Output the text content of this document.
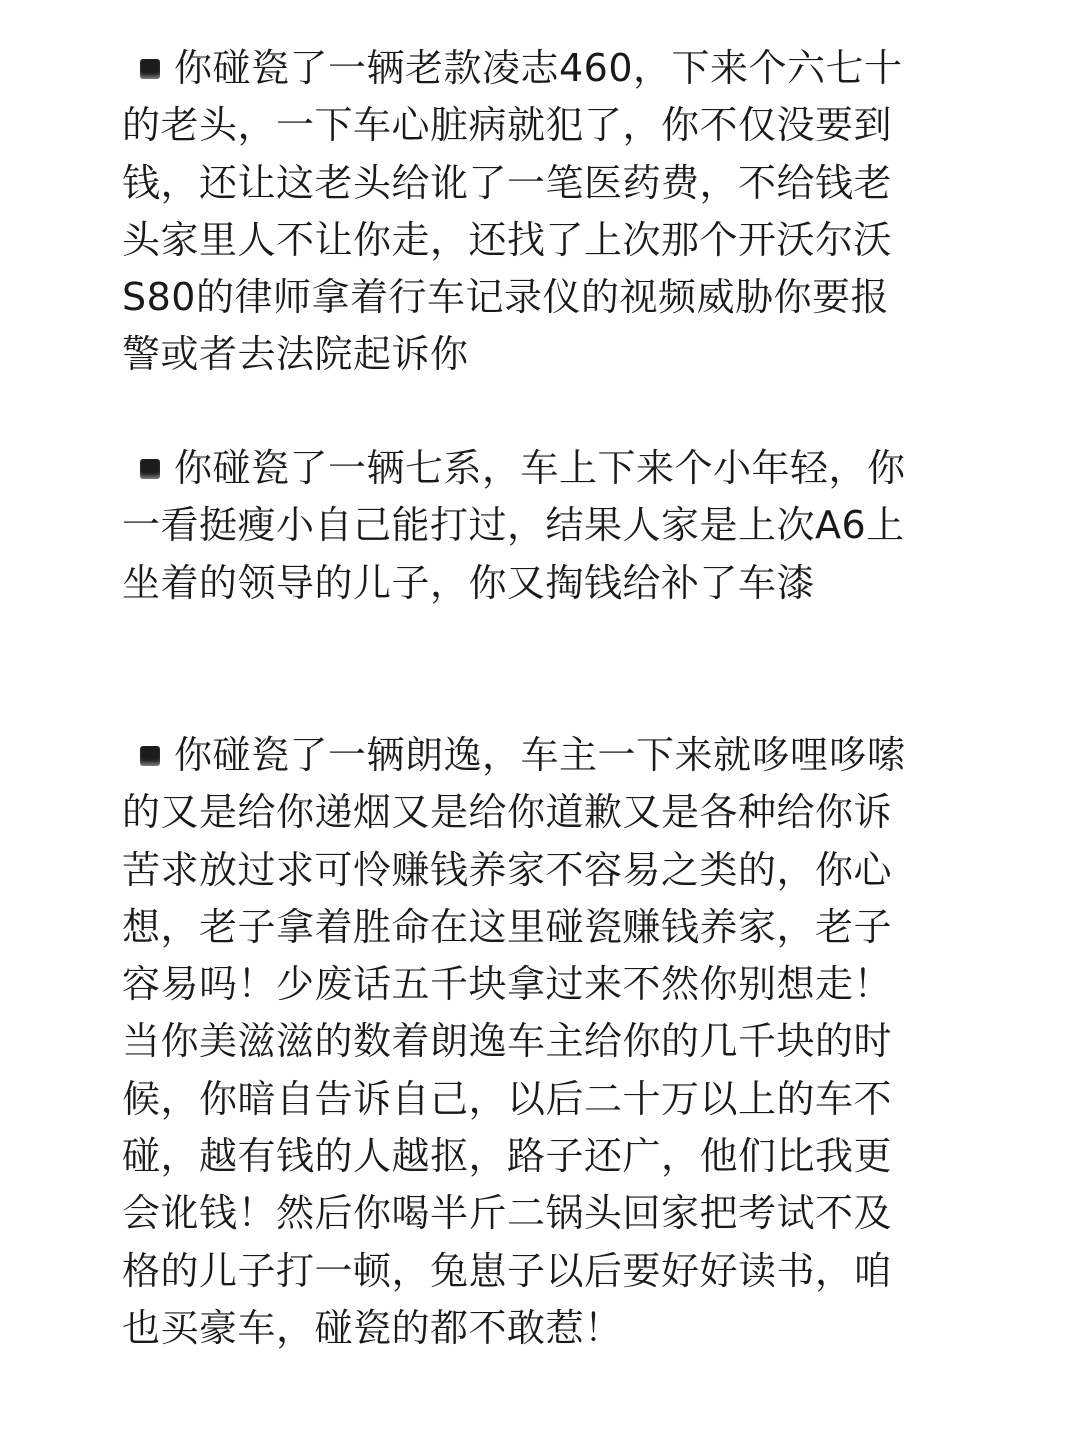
你碰瓷了一辆老款凌志460，下来个六七十的老头，一下车心脏病就犯了，你不仅没要到钱，还让这老头给讹了一笔医药费，不给钱老头家里人不让你走，还找了上次那个开沃尔沃S80的律师拿着行车记录仪的视频威胁你要报警或者去法院起诉你
你碰瓷了一辆七系，车上下来个小年轻，你一看挺瘦小自己能打过，结果人家是上次A6上坐着的领导的儿子，你又掏钱给补了车漆
你碰瓷了一辆朗逸，车主一下来就哆哩哆嗦的又是给你递烟又是给你道歉又是各种给你诉苦求放过求可怜赚钱养家不容易之类的，你心想，老子拿着胜命在这里碰瓷赚钱养家，老子容易吗！少废话五千块拿过来不然你别想走！当你美滋滋的数着朗逸车主给你的几千块的时候，你暗自告诉自己，以后二十万以上的车不碰，越有钱的人越抠，路子还广，他们比我更会讹钱！然后你喝半斤二锅头回家把考试不及格的儿子打一顿，兔崽子以后要好好读书，咱也买豪车，碰瓷的都不敢惹！
